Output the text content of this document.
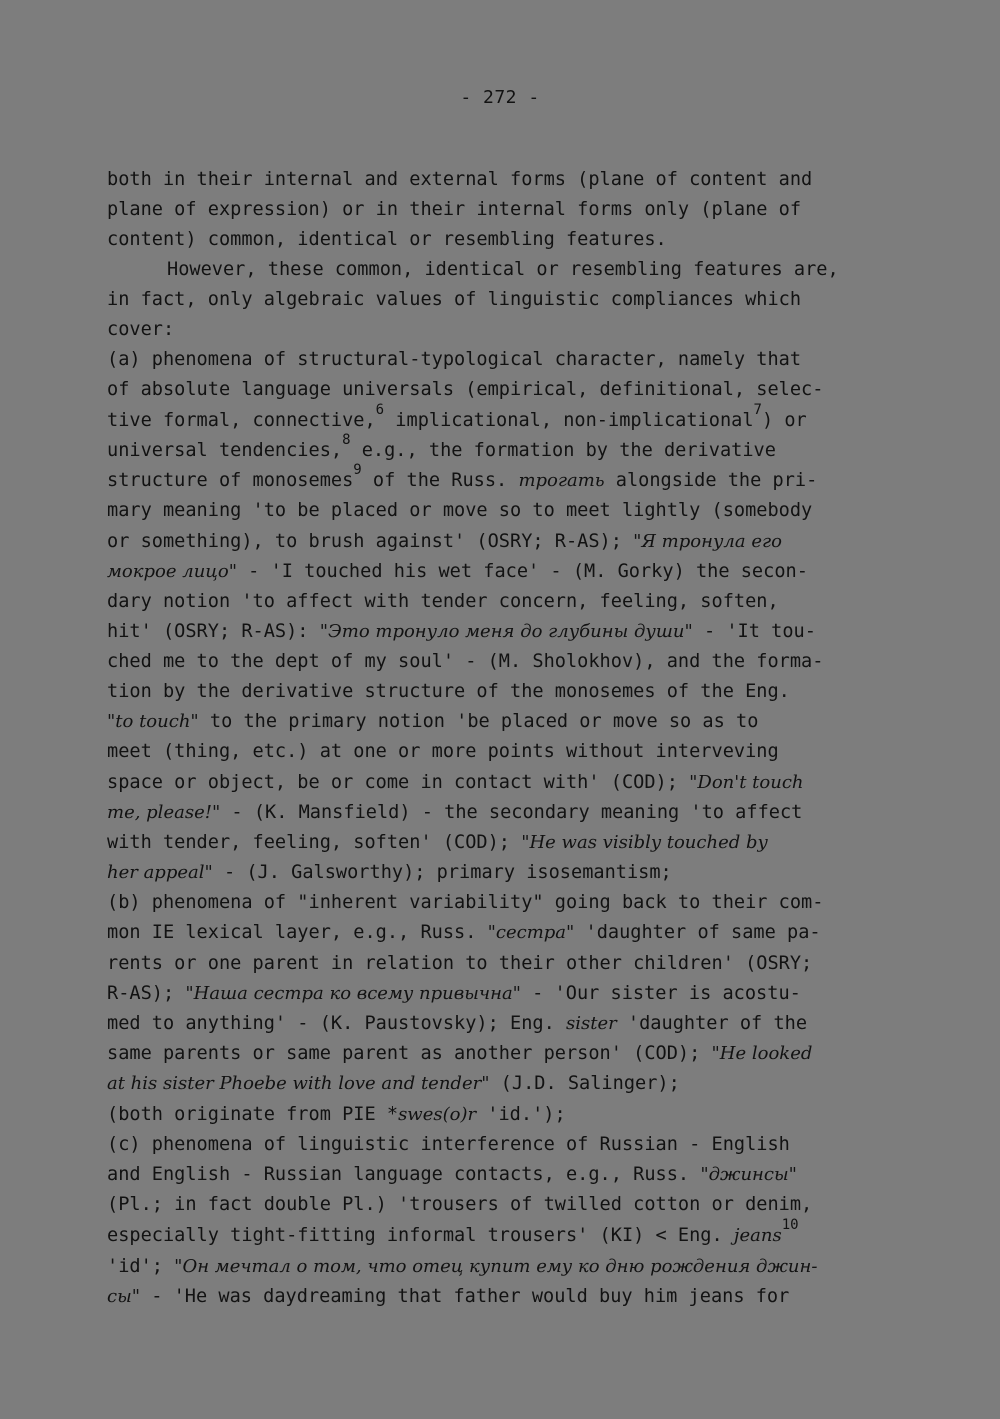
- 272 -
both in their internal and external forms (plane of content and
plane of expression) or in their internal forms only (plane of
content) common, identical or resembling features.
However, these common, identical or resembling features are,
in fact, only algebraic values of linguistic compliances which
cover:
(a) phenomena of structural-typological character, namely that
of absolute language universals (empirical, definitional, selec-
tive formal, connective,$^6$ implicational, non-implicational$^7$) or
universal tendencies,$^8$ e.g., the formation by the derivative
structure of monosemes$^9$ of the Russ. трогать alongside the pri-
mary meaning 'to be placed or move so to meet lightly (somebody
or something), to brush against' (OSRY; R-AS); "Я тронула его
мокрое лицо" - 'I touched his wet face' - (M. Gorky) the secon-
dary notion 'to affect with tender concern, feeling, soften,
hit' (OSRY; R-AS): "Это тронуло меня до глубины души" - 'It tou-
ched me to the dept of my soul' - (M. Sholokhov), and the forma-
tion by the derivative structure of the monosemes of the Eng.
"to touch" to the primary notion 'be placed or move so as to
meet (thing, etc.) at one or more points without interveving
space or object, be or come in contact with' (COD); "Don't touch
me, please!" - (K. Mansfield) - the secondary meaning 'to affect
with tender, feeling, soften' (COD); "He was visibly touched by
her appeal" - (J. Galsworthy); primary isosemantism;
(b) phenomena of "inherent variability" going back to their com-
mon IE lexical layer, e.g., Russ. "сестра" 'daughter of same pa-
rents or one parent in relation to their other children' (OSRY;
R-AS); "Наша сестра ко всему привычна" - 'Our sister is acostu-
med to anything' - (K. Paustovsky); Eng. sister 'daughter of the
same parents or same parent as another person' (COD); "He looked
at his sister Phoebe with love and tender" (J.D. Salinger);
(both originate from PIE *swes(o)r 'id.');
(c) phenomena of linguistic interference of Russian - English
and English - Russian language contacts, e.g., Russ. "джинсы"
(Pl.; in fact double Pl.) 'trousers of twilled cotton or denim,
especially tight-fitting informal trousers' (KI) < Eng. jeans$^{10}$
'id'; "Он мечтал о том, что отец купит ему ко дню рождения джин-
сы" - 'He was daydreaming that father would buy him jeans for
